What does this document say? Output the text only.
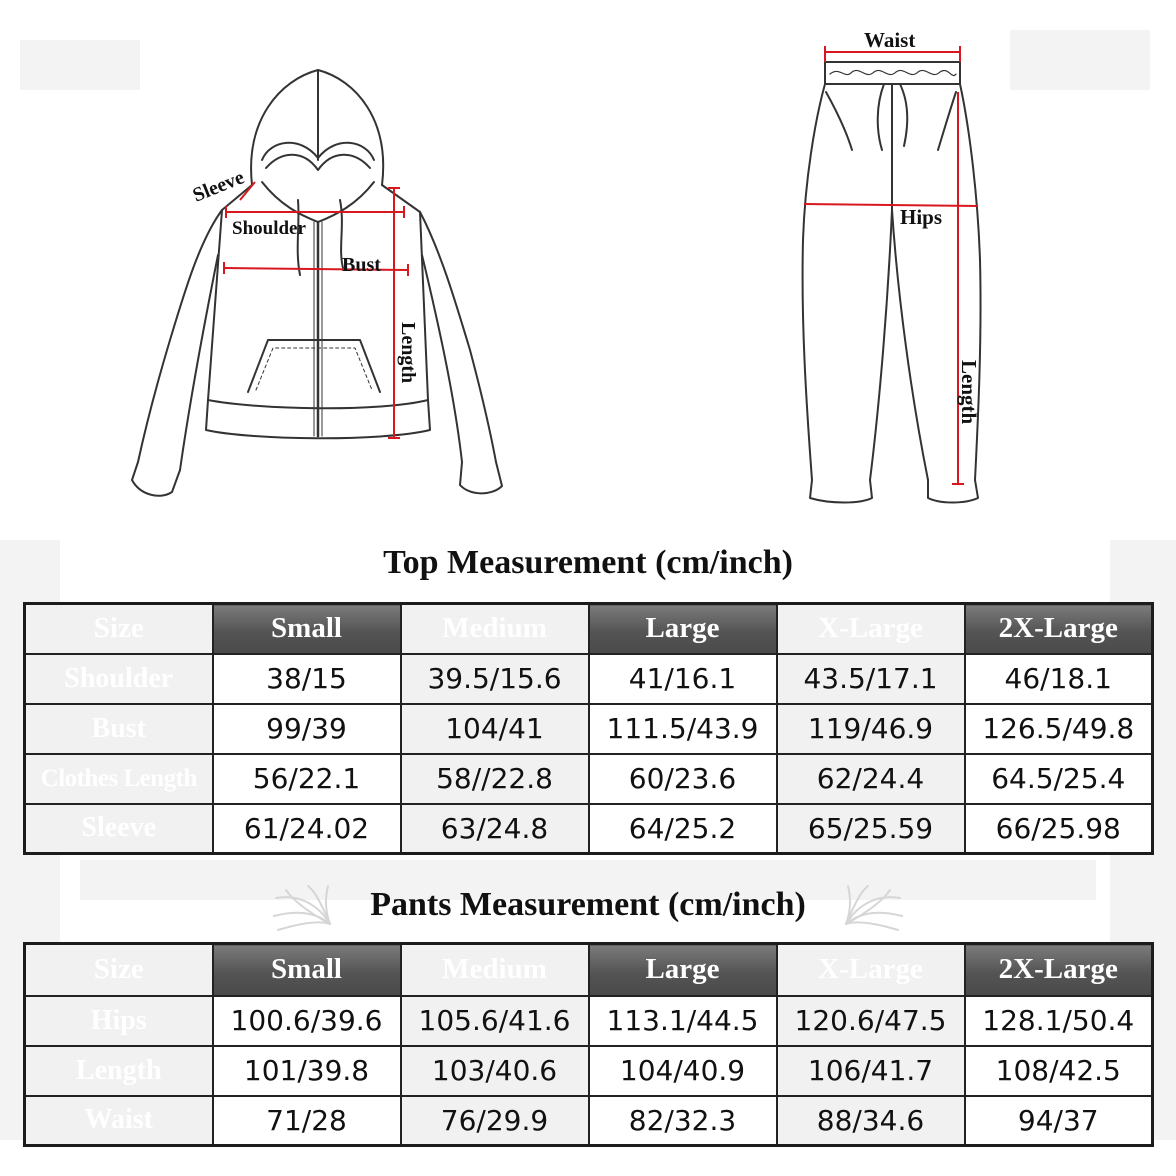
Sleeve
Shoulder
Bust
Length
Waist
Hips
Length
Top Measurement (cm/inch)
Size	Small	Medium	Large	X-Large	2X-Large
Shoulder	38/15	39.5/15.6	41/16.1	43.5/17.1	46/18.1
Bust	99/39	104/41	111.5/43.9	119/46.9	126.5/49.8
Clothes Length	56/22.1	58//22.8	60/23.6	62/24.4	64.5/25.4
Sleeve	61/24.02	63/24.8	64/25.2	65/25.59	66/25.98
Pants Measurement (cm/inch)
Size	Small	Medium	Large	X-Large	2X-Large
Hips	100.6/39.6	105.6/41.6	113.1/44.5	120.6/47.5	128.1/50.4
Length	101/39.8	103/40.6	104/40.9	106/41.7	108/42.5
Waist	71/28	76/29.9	82/32.3	88/34.6	94/37
